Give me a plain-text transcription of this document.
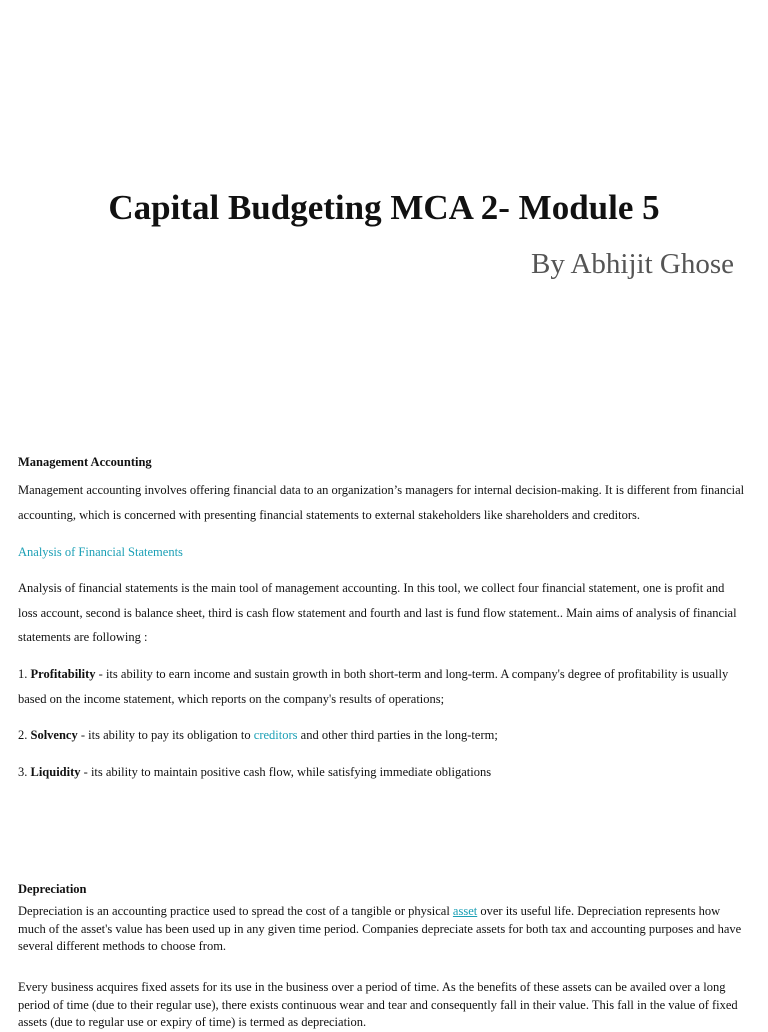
Capital Budgeting MCA 2- Module 5

By Abhijit Ghose

Management Accounting

Management accounting involves offering financial data to an organization’s managers for internal decision-making. It is different from financial accounting, which is concerned with presenting financial statements to external stakeholders like shareholders and creditors.

Analysis of Financial Statements

Analysis of financial statements is the main tool of management accounting. In this tool, we collect four financial statement, one is profit and loss account, second is balance sheet, third is cash flow statement and fourth and last is fund flow statement.. Main aims of analysis of financial statements are following :

1. Profitability - its ability to earn income and sustain growth in both short-term and long-term. A company's degree of profitability is usually based on the income statement, which reports on the company's results of operations;

2. Solvency - its ability to pay its obligation to creditors and other third parties in the long-term;

3. Liquidity - its ability to maintain positive cash flow, while satisfying immediate obligations

Depreciation

Depreciation is an accounting practice used to spread the cost of a tangible or physical asset over its useful life. Depreciation represents how much of the asset's value has been used up in any given time period. Companies depreciate assets for both tax and accounting purposes and have several different methods to choose from.

Every business acquires fixed assets for its use in the business over a period of time. As the benefits of these assets can be availed over a long period of time (due to their regular use), there exists continuous wear and tear and consequently fall in their value. This fall in the value of fixed assets (due to regular use or expiry of time) is termed as depreciation.
